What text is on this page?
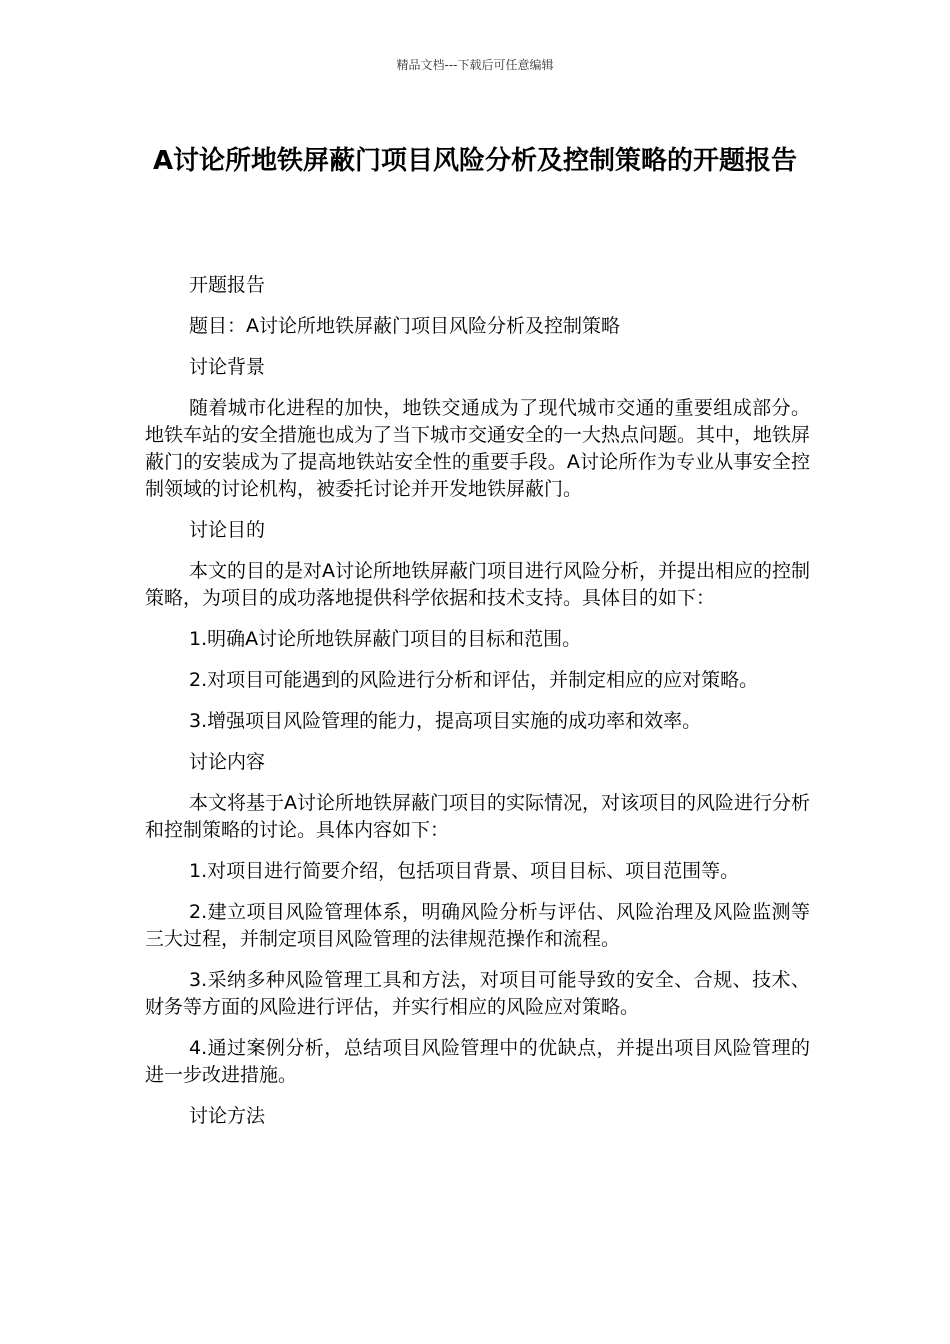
精品文档---下载后可任意编辑
A讨论所地铁屏蔽门项目风险分析及控制策略的开题报告

开题报告

题目：A讨论所地铁屏蔽门项目风险分析及控制策略

讨论背景

随着城市化进程的加快，地铁交通成为了现代城市交通的重要组成部分。地铁车站的安全措施也成为了当下城市交通安全的一大热点问题。其中，地铁屏蔽门的安装成为了提高地铁站安全性的重要手段。A讨论所作为专业从事安全控制领域的讨论机构，被委托讨论并开发地铁屏蔽门。

讨论目的

本文的目的是对A讨论所地铁屏蔽门项目进行风险分析，并提出相应的控制策略，为项目的成功落地提供科学依据和技术支持。具体目的如下：

1.明确A讨论所地铁屏蔽门项目的目标和范围。

2.对项目可能遇到的风险进行分析和评估，并制定相应的应对策略。

3.增强项目风险管理的能力，提高项目实施的成功率和效率。

讨论内容

本文将基于A讨论所地铁屏蔽门项目的实际情况，对该项目的风险进行分析和控制策略的讨论。具体内容如下：

1.对项目进行简要介绍，包括项目背景、项目目标、项目范围等。

2.建立项目风险管理体系，明确风险分析与评估、风险治理及风险监测等三大过程，并制定项目风险管理的法律规范操作和流程。

3.采纳多种风险管理工具和方法，对项目可能导致的安全、合规、技术、财务等方面的风险进行评估，并实行相应的风险应对策略。

4.通过案例分析，总结项目风险管理中的优缺点，并提出项目风险管理的进一步改进措施。

讨论方法
